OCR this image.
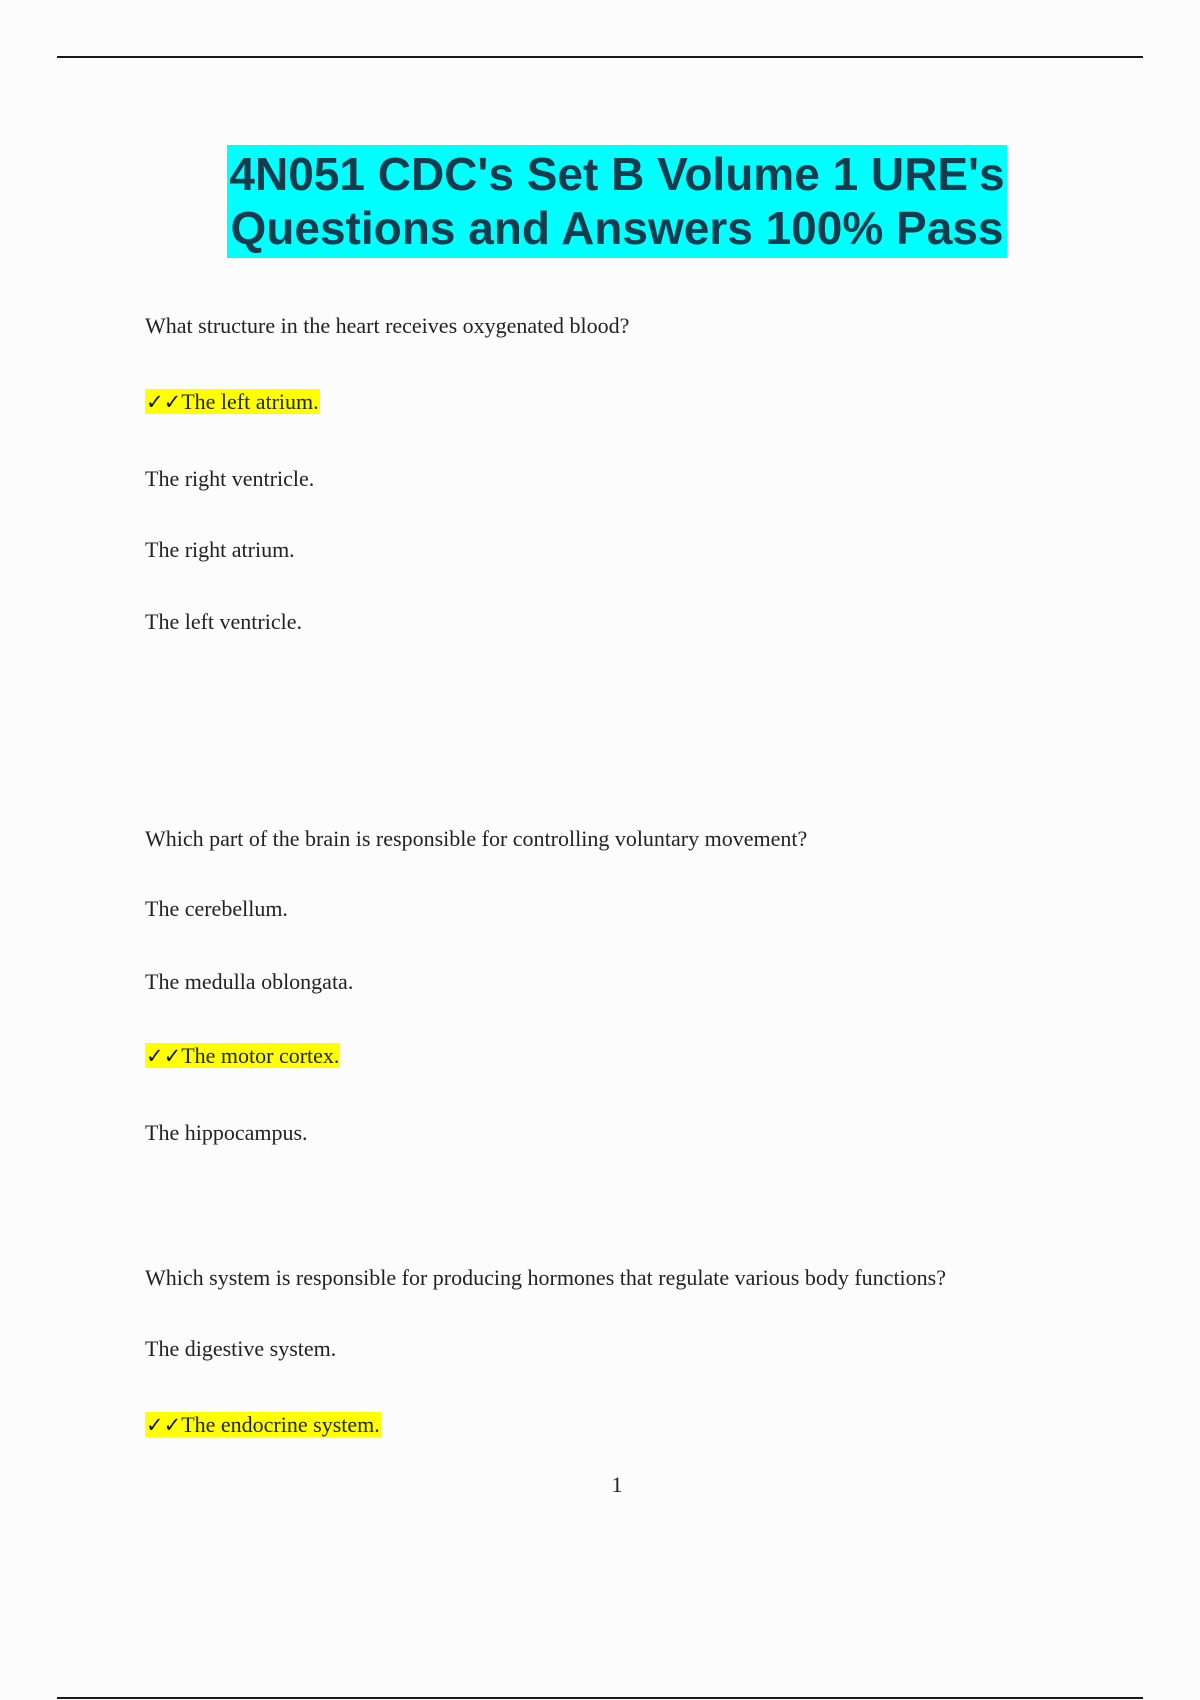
4N051 CDC's Set B Volume 1 URE's
Questions and Answers 100% Pass
What structure in the heart receives oxygenated blood?
✓✓The left atrium.
The right ventricle.
The right atrium.
The left ventricle.
Which part of the brain is responsible for controlling voluntary movement?
The cerebellum.
The medulla oblongata.
✓✓The motor cortex.
The hippocampus.
Which system is responsible for producing hormones that regulate various body functions?
The digestive system.
✓✓The endocrine system.
1
